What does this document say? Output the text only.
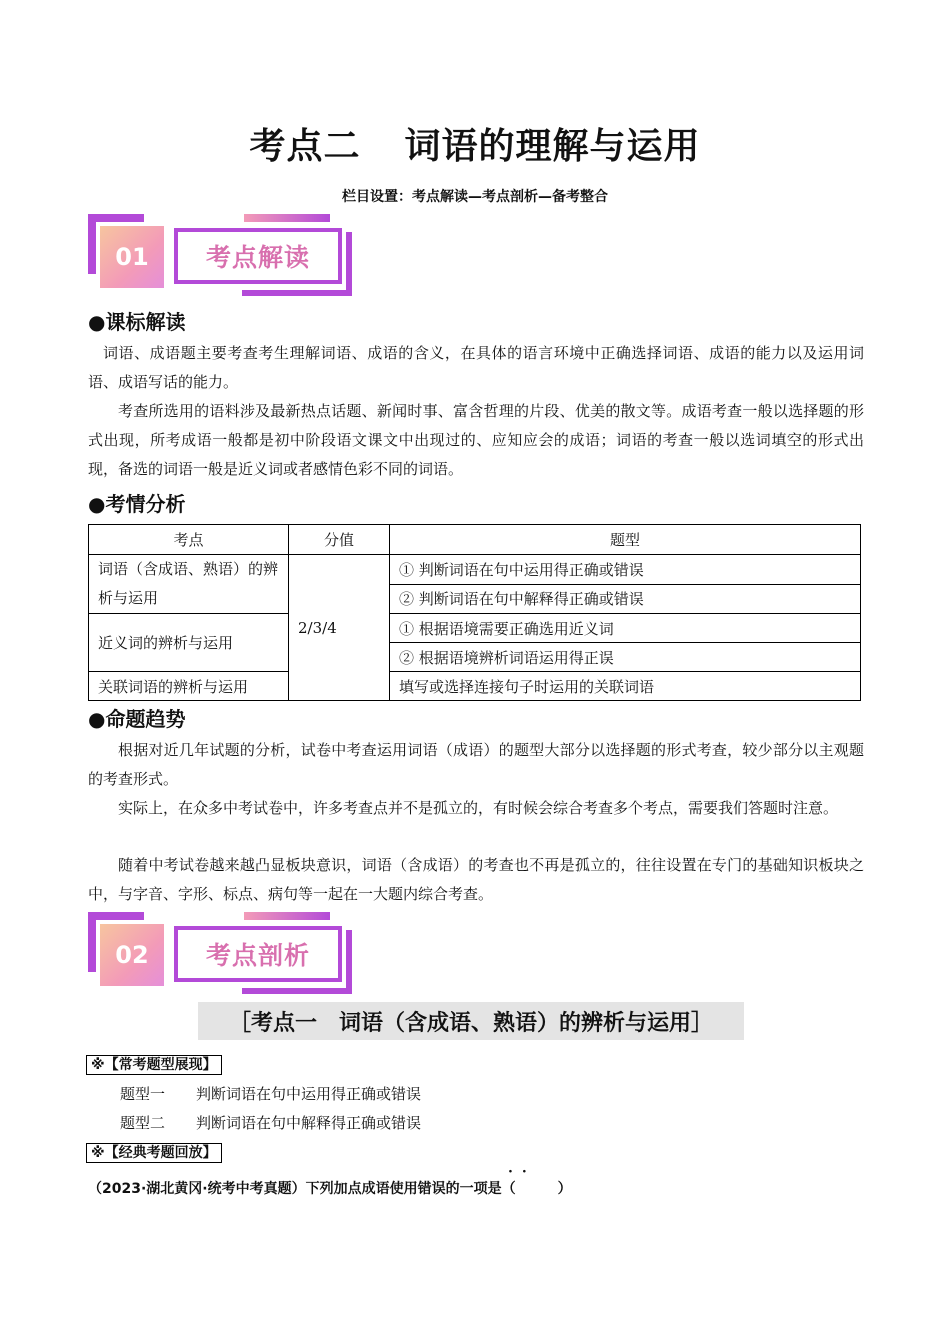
考点二 词语的理解与运用
栏目设置：考点解读—考点剖析—备考整合
01	考点解读
●课标解读
词语、成语题主要考查考生理解词语、成语的含义，在具体的语言环境中正确选择词语、成语的能力以及运用词语、成语写话的能力。
考查所选用的语料涉及最新热点话题、新闻时事、富含哲理的片段、优美的散文等。成语考查一般以选择题的形式出现，所考成语一般都是初中阶段语文课文中出现过的、应知应会的成语；词语的考查一般以选词填空的形式出现，备选的词语一般是近义词或者感情色彩不同的词语。
●考情分析
考点	分值	题型
词语（含成语、熟语）的辨析与运用	2/3/4	① 判断词语在句中运用得正确或错误
		② 判断词语在句中解释得正确或错误
近义词的辨析与运用		① 根据语境需要正确选用近义词
		② 根据语境辨析词语运用得正误
关联词语的辨析与运用		填写或选择连接句子时运用的关联词语
●命题趋势
根据对近几年试题的分析，试卷中考查运用词语（成语）的题型大部分以选择题的形式考查，较少部分以主观题的考查形式。
实际上，在众多中考试卷中，许多考查点并不是孤立的，有时候会综合考查多个考点，需要我们答题时注意。
随着中考试卷越来越凸显板块意识，词语（含成语）的考查也不再是孤立的，往往设置在专门的基础知识板块之中，与字音、字形、标点、病句等一起在一大题内综合考查。
02	考点剖析
［考点一　词语（含成语、熟语）的辨析与运用］
※【常考题型展现】
题型一 判断词语在句中运用得正确或错误
题型二 判断词语在句中解释得正确或错误
※【经典考题回放】
··
（2023·湖北黄冈·统考中考真题）下列加点成语使用错误的一项是（　　　）
